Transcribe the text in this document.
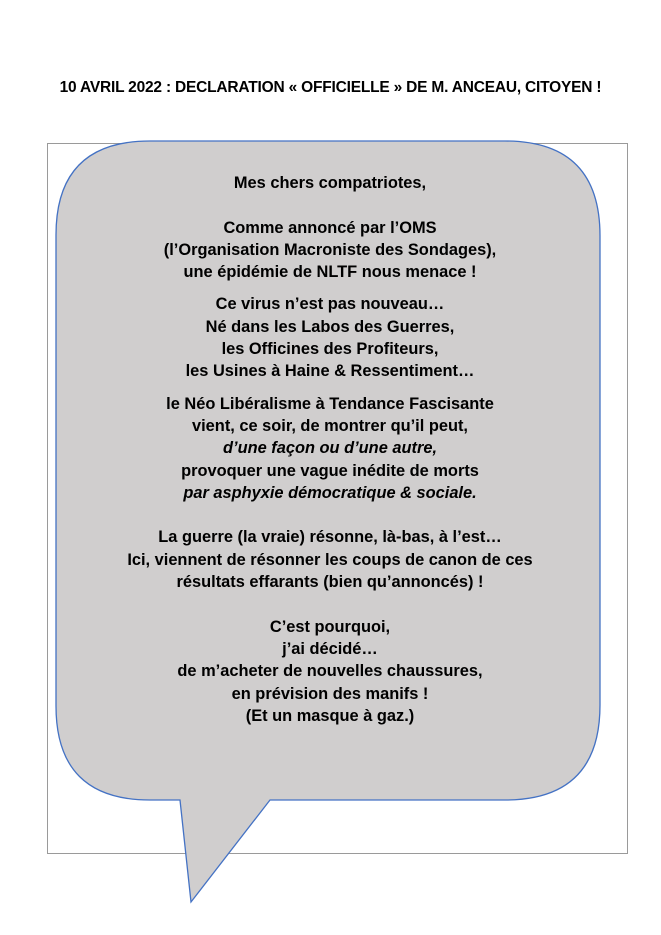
10 AVRIL 2022 : DECLARATION « OFFICIELLE » DE M. ANCEAU, CITOYEN !

Mes chers compatriotes,

Comme annoncé par l’OMS

(l’Organisation Macroniste des Sondages),

une épidémie de NLTF nous menace !

Ce virus n’est pas nouveau…

Né dans les Labos des Guerres,

les Officines des Profiteurs,

les Usines à Haine & Ressentiment…

le Néo Libéralisme à Tendance Fascisante

vient, ce soir, de montrer qu’il peut,

d’une façon ou d’une autre,

provoquer une vague inédite de morts

par asphyxie démocratique & sociale.

La guerre (la vraie) résonne, là-bas, à l’est…

Ici, viennent de résonner les coups de canon de ces

résultats effarants (bien qu’annoncés) !

C’est pourquoi,

j’ai décidé…

de m’acheter de nouvelles chaussures,

en prévision des manifs !

(Et un masque à gaz.)
